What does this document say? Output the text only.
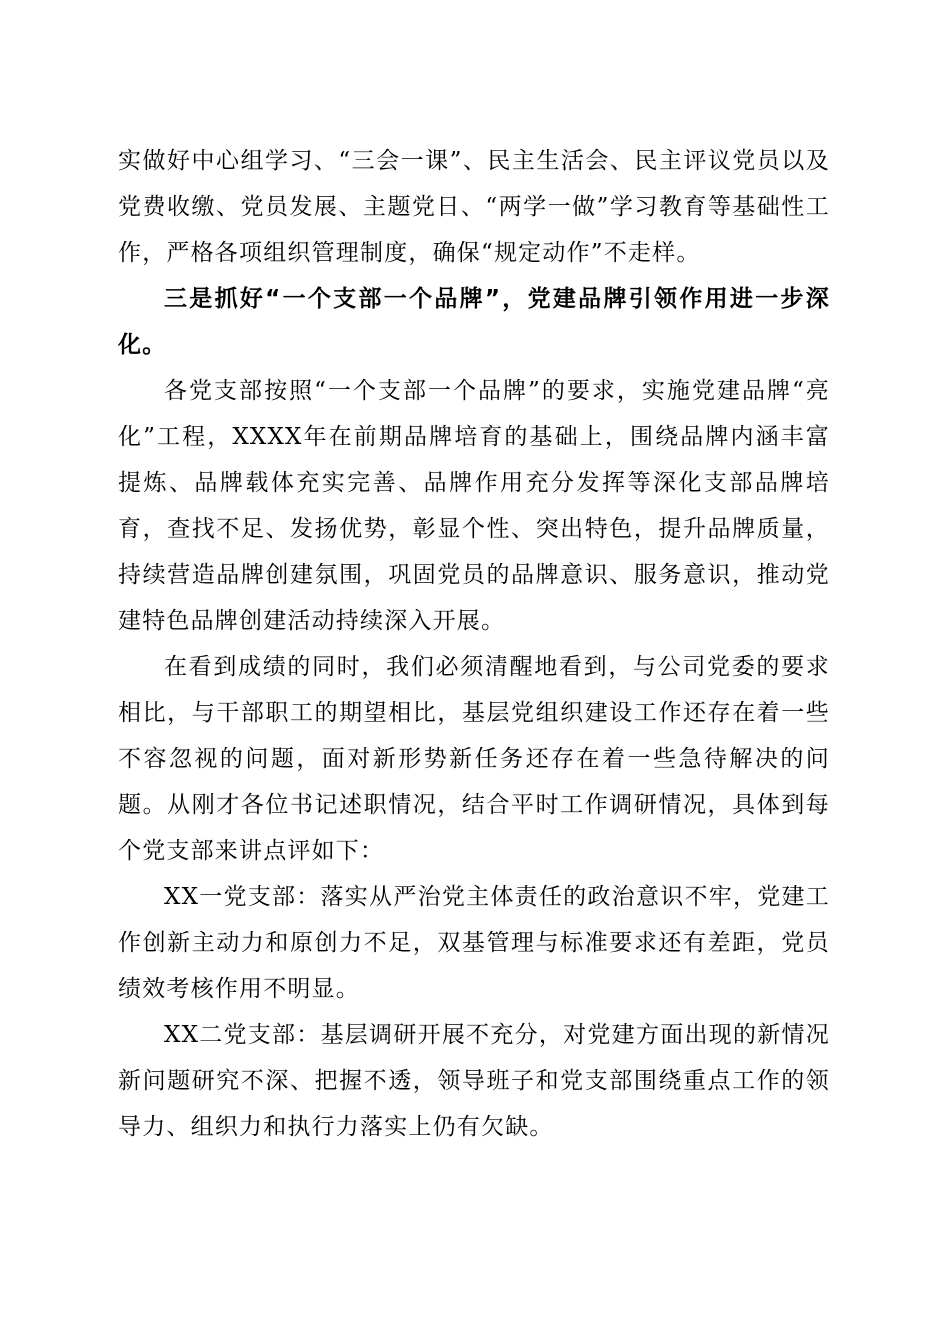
实做好中心组学习、“三会一课”、民主生活会、民主评议党员以及党费收缴、党员发展、主题党日、“两学一做”学习教育等基础性工作，严格各项组织管理制度，确保“规定动作”不走样。

三是抓好“一个支部一个品牌”，党建品牌引领作用进一步深化。

各党支部按照“一个支部一个品牌”的要求，实施党建品牌“亮化”工程，XXXX年在前期品牌培育的基础上，围绕品牌内涵丰富提炼、品牌载体充实完善、品牌作用充分发挥等深化支部品牌培育，查找不足、发扬优势，彰显个性、突出特色，提升品牌质量，持续营造品牌创建氛围，巩固党员的品牌意识、服务意识，推动党建特色品牌创建活动持续深入开展。

在看到成绩的同时，我们必须清醒地看到，与公司党委的要求相比，与干部职工的期望相比，基层党组织建设工作还存在着一些不容忽视的问题，面对新形势新任务还存在着一些急待解决的问题。从刚才各位书记述职情况，结合平时工作调研情况，具体到每个党支部来讲点评如下：

XX一党支部：落实从严治党主体责任的政治意识不牢，党建工作创新主动力和原创力不足，双基管理与标准要求还有差距，党员绩效考核作用不明显。

XX二党支部：基层调研开展不充分，对党建方面出现的新情况新问题研究不深、把握不透，领导班子和党支部围绕重点工作的领导力、组织力和执行力落实上仍有欠缺。
